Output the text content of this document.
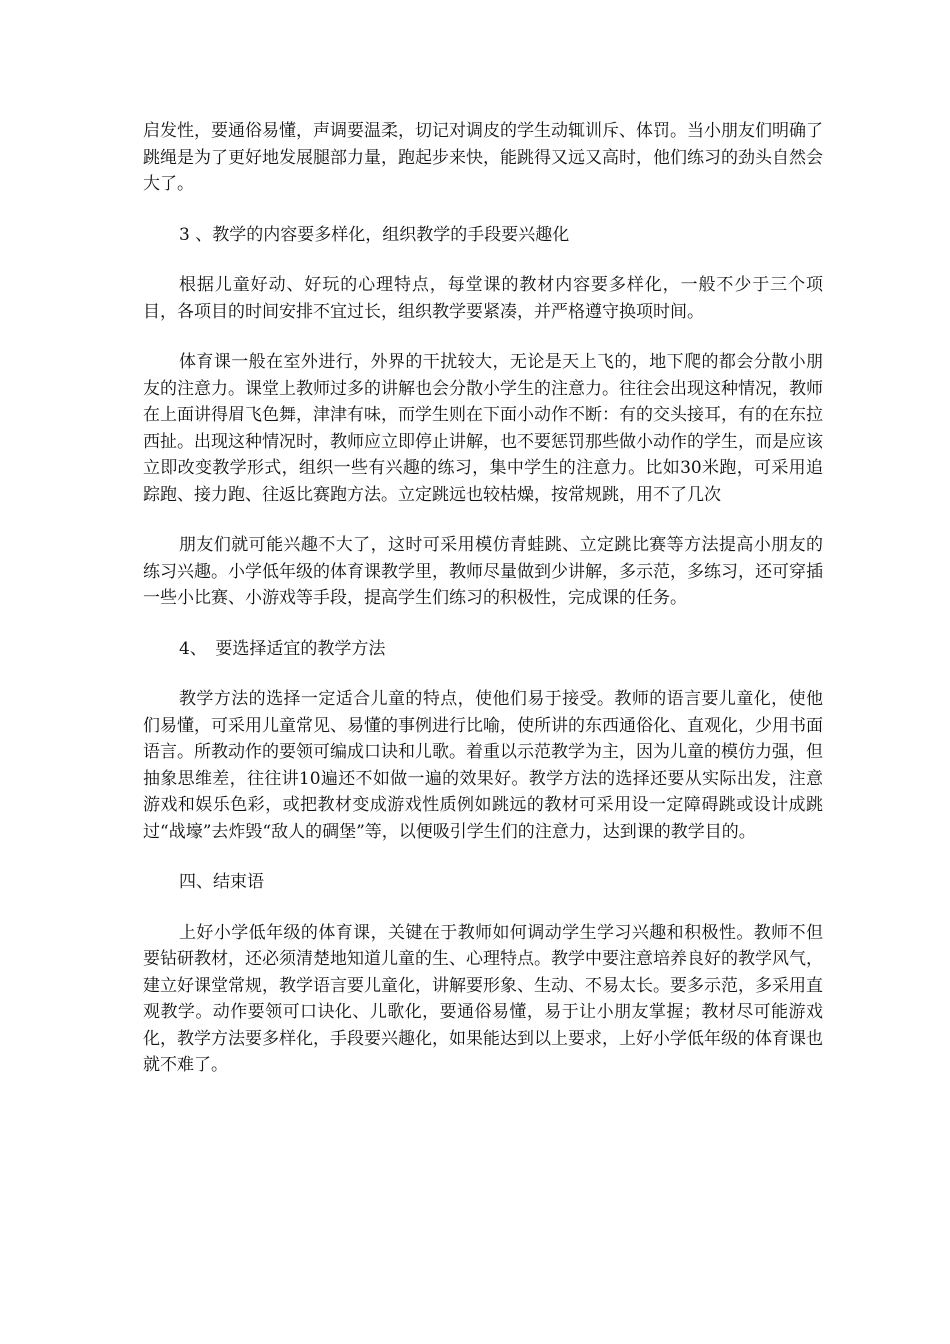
启发性，要通俗易懂，声调要温柔，切记对调皮的学生动辄训斥、体罚。当小朋友们明确了跳绳是为了更好地发展腿部力量，跑起步来快，能跳得又远又高时，他们练习的劲头自然会大了。

3 、教学的内容要多样化，组织教学的手段要兴趣化

根据儿童好动、好玩的心理特点，每堂课的教材内容要多样化，一般不少于三个项目，各项目的时间安排不宜过长，组织教学要紧凑，并严格遵守换项时间。

体育课一般在室外进行，外界的干扰较大，无论是天上飞的，地下爬的都会分散小朋友的注意力。课堂上教师过多的讲解也会分散小学生的注意力。往往会出现这种情况，教师在上面讲得眉飞色舞，津津有味，而学生则在下面小动作不断：有的交头接耳，有的在东拉西扯。出现这种情况时，教师应立即停止讲解，也不要惩罚那些做小动作的学生，而是应该立即改变教学形式，组织一些有兴趣的练习，集中学生的注意力。比如30米跑，可采用追踪跑、接力跑、往返比赛跑方法。立定跳远也较枯燥，按常规跳，用不了几次

朋友们就可能兴趣不大了，这时可采用模仿青蛙跳、立定跳比赛等方法提高小朋友的练习兴趣。小学低年级的体育课教学里，教师尽量做到少讲解，多示范，多练习，还可穿插一些小比赛、小游戏等手段，提高学生们练习的积极性，完成课的任务。

4、　要选择适宜的教学方法

教学方法的选择一定适合儿童的特点，使他们易于接受。教师的语言要儿童化，使他们易懂，可采用儿童常见、易懂的事例进行比喻，使所讲的东西通俗化、直观化，少用书面语言。所教动作的要领可编成口诀和儿歌。着重以示范教学为主，因为儿童的模仿力强，但抽象思维差，往往讲10遍还不如做一遍的效果好。教学方法的选择还要从实际出发，注意游戏和娱乐色彩，或把教材变成游戏性质例如跳远的教材可采用设一定障碍跳或设计成跳过“战壕”去炸毁“敌人的碉堡”等，以便吸引学生们的注意力，达到课的教学目的。

四、结束语

上好小学低年级的体育课，关键在于教师如何调动学生学习兴趣和积极性。教师不但要钻研教材，还必须清楚地知道儿童的生、心理特点。教学中要注意培养良好的教学风气，建立好课堂常规，教学语言要儿童化，讲解要形象、生动、不易太长。要多示范，多采用直观教学。动作要领可口诀化、儿歌化，要通俗易懂，易于让小朋友掌握；教材尽可能游戏化，教学方法要多样化，手段要兴趣化，如果能达到以上要求，上好小学低年级的体育课也就不难了。
